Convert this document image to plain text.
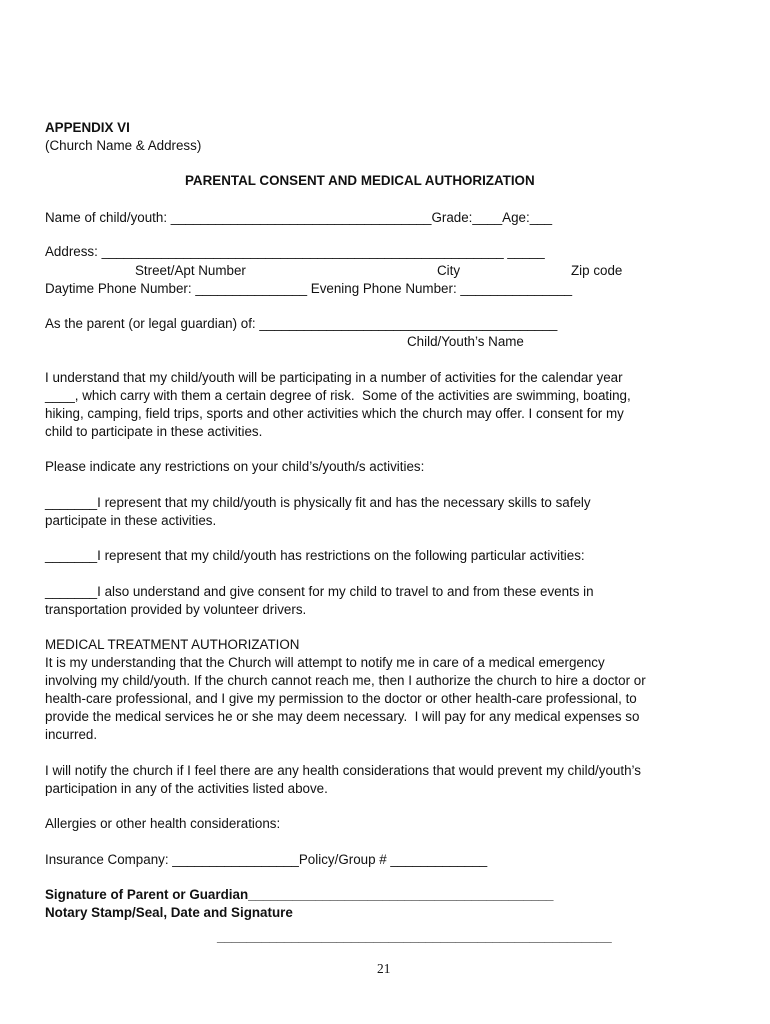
APPENDIX VI
(Church Name & Address)
PARENTAL CONSENT AND MEDICAL AUTHORIZATION
Name of child/youth: ___________________________________Grade:____Age:___
Address: ______________________________________________________ _____
Street/Apt Number	City	Zip code
Daytime Phone Number: _______________ Evening Phone Number: _______________
As the parent (or legal guardian) of: ________________________________________
Child/Youth’s Name
I understand that my child/youth will be participating in a number of activities for the calendar year
____, which carry with them a certain degree of risk.  Some of the activities are swimming, boating,
hiking, camping, field trips, sports and other activities which the church may offer. I consent for my
child to participate in these activities.
Please indicate any restrictions on your child’s/youth/s activities:
_______I represent that my child/youth is physically fit and has the necessary skills to safely
participate in these activities.
_______I represent that my child/youth has restrictions on the following particular activities:
_______I also understand and give consent for my child to travel to and from these events in
transportation provided by volunteer drivers.
MEDICAL TREATMENT AUTHORIZATION
It is my understanding that the Church will attempt to notify me in care of a medical emergency
involving my child/youth. If the church cannot reach me, then I authorize the church to hire a doctor or
health-care professional, and I give my permission to the doctor or other health-care professional, to
provide the medical services he or she may deem necessary.  I will pay for any medical expenses so
incurred.
I will notify the church if I feel there are any health considerations that would prevent my child/youth’s
participation in any of the activities listed above.
Allergies or other health considerations:
Insurance Company: _________________Policy/Group # _____________
Signature of Parent or Guardian_________________________________________
Notary Stamp/Seal, Date and Signature
_____________________________________________________
21
